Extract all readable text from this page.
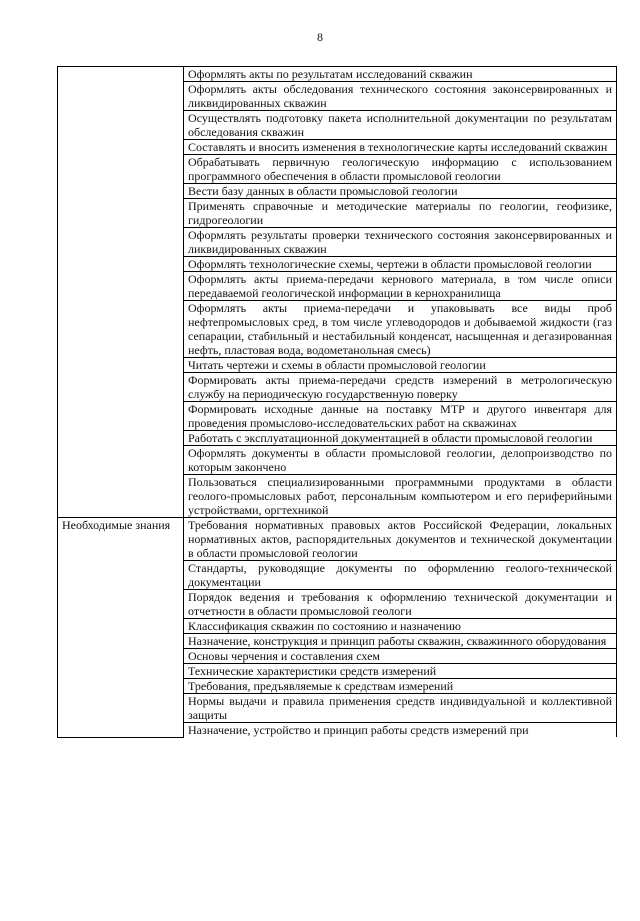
8
	Оформлять акты по результатам исследований скважин
	Оформлять акты обследования технического состояния законсервированных и ликвидированных скважин
	Осуществлять подготовку пакета исполнительной документации по результатам обследования скважин
	Составлять и вносить изменения в технологические карты исследований скважин
	Обрабатывать первичную геологическую информацию с использованием программного обеспечения в области промысловой геологии
	Вести базу данных в области промысловой геологии
	Применять справочные и методические материалы по геологии, геофизике, гидрогеологии
	Оформлять результаты проверки технического состояния законсервированных и ликвидированных скважин
	Оформлять технологические схемы, чертежи в области промысловой геологии
	Оформлять акты приема-передачи кернового материала, в том числе описи передаваемой геологической информации в кернохранилища
	Оформлять акты приема-передачи и упаковывать все виды проб нефтепромысловых сред, в том числе углеводородов и добываемой жидкости (газ сепарации, стабильный и нестабильный конденсат, насыщенная и дегазированная нефть, пластовая вода, водометанольная смесь)
	Читать чертежи и схемы в области промысловой геологии
	Формировать акты приема-передачи средств измерений в метрологическую службу на периодическую государственную поверку
	Формировать исходные данные на поставку МТР и другого инвентаря для проведения промыслово-исследовательских работ на скважинах
	Работать с эксплуатационной документацией в области промысловой геологии
	Оформлять документы в области промысловой геологии, делопроизводство по которым закончено
	Пользоваться специализированными программными продуктами в области геолого-промысловых работ, персональным компьютером и его периферийными устройствами, оргтехникой
Необходимые знания	Требования нормативных правовых актов Российской Федерации, локальных нормативных актов, распорядительных документов и технической документации в области промысловой геологии
	Стандарты, руководящие документы по оформлению геолого-технической документации
	Порядок ведения и требования к оформлению технической документации и отчетности в области промысловой геологи
	Классификация скважин по состоянию и назначению
	Назначение, конструкция и принцип работы скважин, скважинного оборудования
	Основы черчения и составления схем
	Технические характеристики средств измерений
	Требования, предъявляемые к средствам измерений
	Нормы выдачи и правила применения средств индивидуальной и коллективной защиты
	Назначение, устройство и принцип работы средств измерений при
